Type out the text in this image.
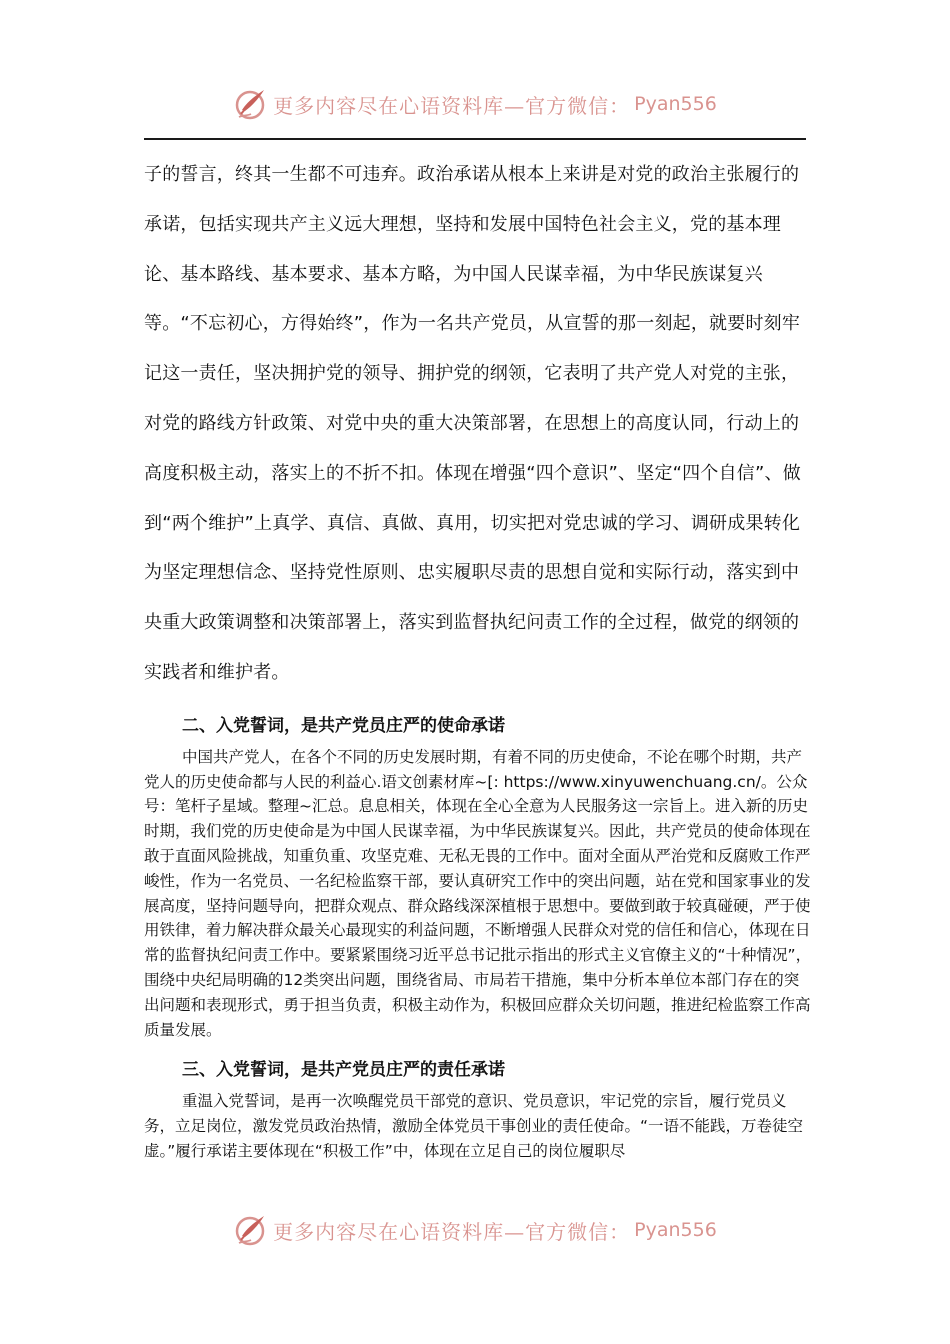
更多内容尽在心语资料库—官方微信： Pyan556

子的誓言，终其一生都不可违弃。政治承诺从根本上来讲是对党的政治主张履行的承诺，包括实现共产主义远大理想，坚持和发展中国特色社会主义，党的基本理论、基本路线、基本要求、基本方略，为中国人民谋幸福，为中华民族谋复兴等。“不忘初心，方得始终”，作为一名共产党员，从宣誓的那一刻起，就要时刻牢记这一责任，坚决拥护党的领导、拥护党的纲领，它表明了共产党人对党的主张，对党的路线方针政策、对党中央的重大决策部署，在思想上的高度认同，行动上的高度积极主动，落实上的不折不扣。体现在增强“四个意识”、坚定“四个自信”、做到“两个维护”上真学、真信、真做、真用，切实把对党忠诚的学习、调研成果转化为坚定理想信念、坚持党性原则、忠实履职尽责的思想自觉和实际行动，落实到中央重大政策调整和决策部署上，落实到监督执纪问责工作的全过程，做党的纲领的实践者和维护者。

二、入党誓词，是共产党员庄严的使命承诺

中国共产党人，在各个不同的历史发展时期，有着不同的历史使命，不论在哪个时期，共产党人的历史使命都与人民的利益心.语文创素材库~[: https://www.xinyuwenchuang.cn/。公众号：笔杆子星域。整理~汇总。息息相关，体现在全心全意为人民服务这一宗旨上。进入新的历史时期，我们党的历史使命是为中国人民谋幸福，为中华民族谋复兴。因此，共产党员的使命体现在敢于直面风险挑战，知重负重、攻坚克难、无私无畏的工作中。面对全面从严治党和反腐败工作严峻性，作为一名党员、一名纪检监察干部，要认真研究工作中的突出问题，站在党和国家事业的发展高度，坚持问题导向，把群众观点、群众路线深深植根于思想中。要做到敢于较真碰硬，严于使用铁律，着力解决群众最关心最现实的利益问题，不断增强人民群众对党的信任和信心，体现在日常的监督执纪问责工作中。要紧紧围绕习近平总书记批示指出的形式主义官僚主义的“十种情况”，围绕中央纪局明确的12类突出问题，围绕省局、市局若干措施，集中分析本单位本部门存在的突出问题和表现形式，勇于担当负责，积极主动作为，积极回应群众关切问题，推进纪检监察工作高质量发展。

三、入党誓词，是共产党员庄严的责任承诺

重温入党誓词，是再一次唤醒党员干部党的意识、党员意识，牢记党的宗旨，履行党员义务，立足岗位，激发党员政治热情，激励全体党员干事创业的责任使命。“一语不能践，万卷徒空虚。”履行承诺主要体现在“积极工作”中，体现在立足自己的岗位履职尽

更多内容尽在心语资料库—官方微信： Pyan556
